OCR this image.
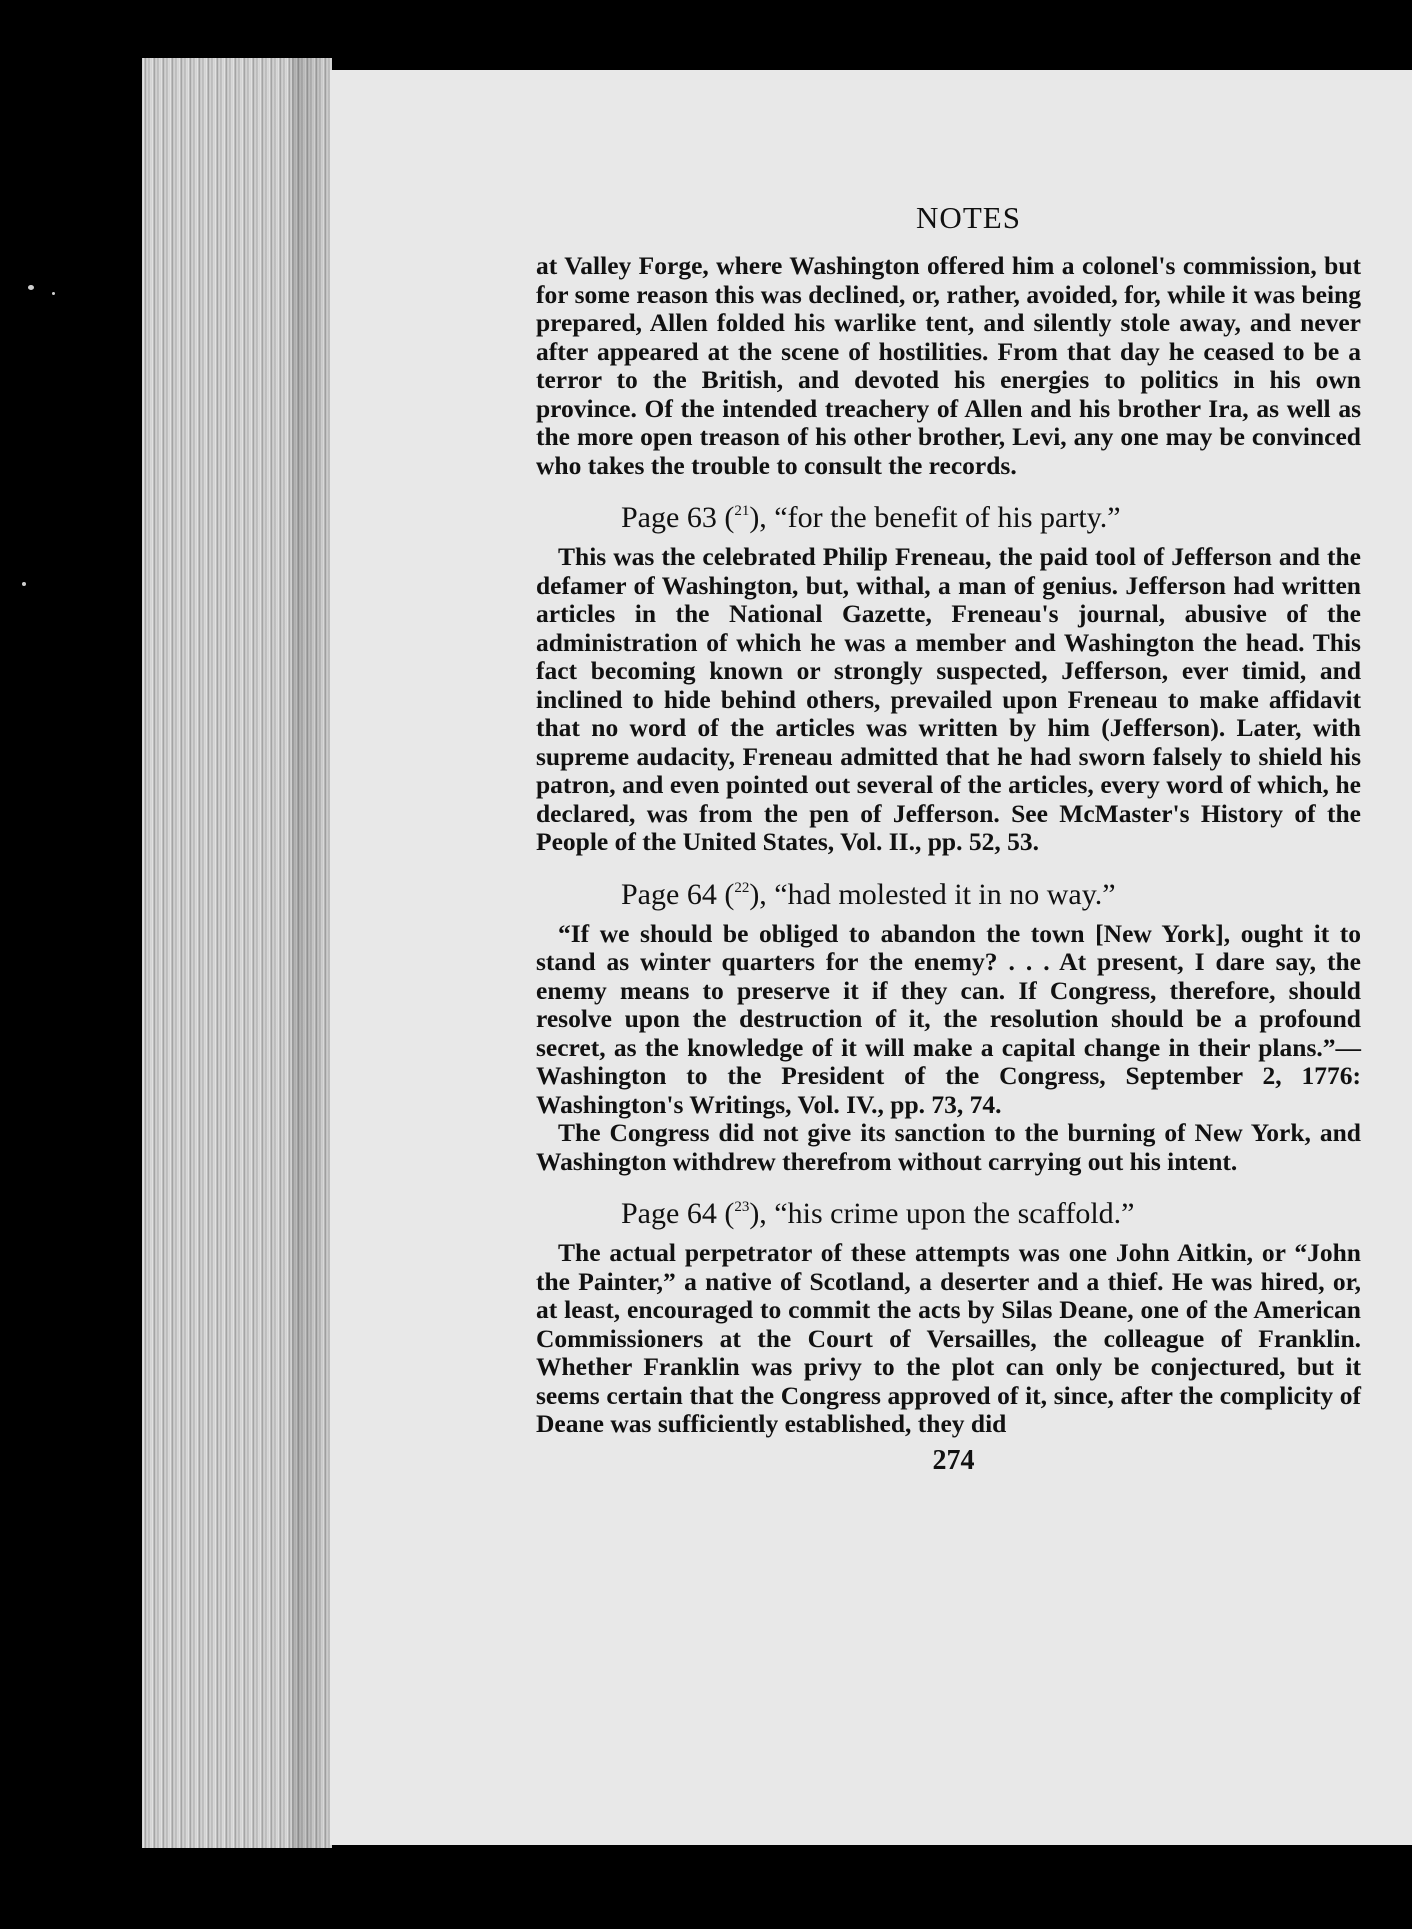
NOTES

at Valley Forge, where Washington offered him a colonel's commission, but for some reason this was declined, or, rather, avoided, for, while it was being prepared, Allen folded his warlike tent, and silently stole away, and never after appeared at the scene of hostilities. From that day he ceased to be a terror to the British, and devoted his energies to politics in his own province. Of the intended treachery of Allen and his brother Ira, as well as the more open treason of his other brother, Levi, any one may be convinced who takes the trouble to consult the records.

Page 63 ($^{21}$), “for the benefit of his party.”

This was the celebrated Philip Freneau, the paid tool of Jefferson and the defamer of Washington, but, withal, a man of genius. Jefferson had written articles in the National Gazette, Freneau's journal, abusive of the administration of which he was a member and Washington the head. This fact becoming known or strongly suspected, Jefferson, ever timid, and inclined to hide behind others, prevailed upon Freneau to make affidavit that no word of the articles was written by him (Jefferson). Later, with supreme audacity, Freneau admitted that he had sworn falsely to shield his patron, and even pointed out several of the articles, every word of which, he declared, was from the pen of Jefferson. See McMaster's History of the People of the United States, Vol. II., pp. 52, 53.

Page 64 ($^{22}$), “had molested it in no way.”

“If we should be obliged to abandon the town [New York], ought it to stand as winter quarters for the enemy? . . . At present, I dare say, the enemy means to preserve it if they can. If Congress, therefore, should resolve upon the destruction of it, the resolution should be a profound secret, as the knowledge of it will make a capital change in their plans.”— Washington to the President of the Congress, September 2, 1776: Washington's Writings, Vol. IV., pp. 73, 74.

The Congress did not give its sanction to the burning of New York, and Washington withdrew therefrom without carrying out his intent.

Page 64 ($^{23}$), “his crime upon the scaffold.”

The actual perpetrator of these attempts was one John Aitkin, or “John the Painter,” a native of Scotland, a deserter and a thief. He was hired, or, at least, encouraged to commit the acts by Silas Deane, one of the American Commissioners at the Court of Versailles, the colleague of Franklin. Whether Franklin was privy to the plot can only be conjectured, but it seems certain that the Congress approved of it, since, after the complicity of Deane was sufficiently established, they did

274
